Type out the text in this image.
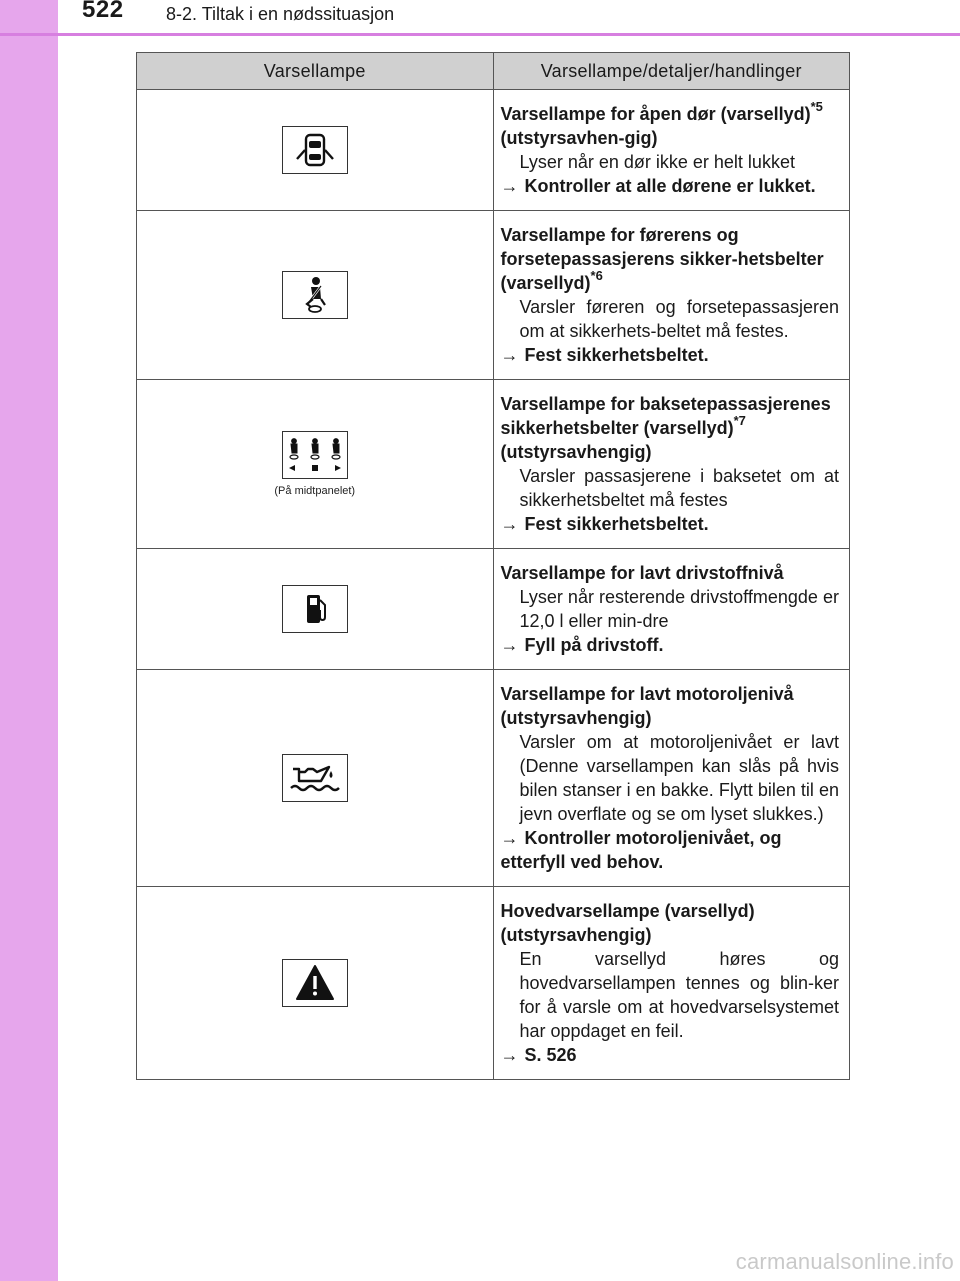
522 8-2. Tiltak i en nødssituasjon
Varsellampe	Varsellampe/detaljer/handlinger

Varsellampe for åpen dør (varsellyd)$^{*5}$ (utstyrsavhen-gig)
Lyser når en dør ikke er helt lukket
→ Kontroller at alle dørene er lukket.

Varsellampe for førerens og forsetepassasjerens sikker-hetsbelter (varsellyd)$^{*6}$
Varsler føreren og forsetepassasjeren om at sikkerhets-beltet må festes.
→ Fest sikkerhetsbeltet.

(På midtpanelet)	Varsellampe for baksetepassasjerenes sikkerhetsbelter (varsellyd)$^{*7}$ (utstyrsavhengig)
Varsler passasjerene i baksetet om at sikkerhetsbeltet må festes
→ Fest sikkerhetsbeltet.

Varsellampe for lavt drivstoffnivå
Lyser når resterende drivstoffmengde er 12,0 l eller min-dre
→ Fyll på drivstoff.

Varsellampe for lavt motoroljenivå (utstyrsavhengig)
Varsler om at motoroljenivået er lavt (Denne varsellampen kan slås på hvis bilen stanser i en bakke. Flytt bilen til en jevn overflate og se om lyset slukkes.)
→ Kontroller motoroljenivået, og etterfyll ved behov.

Hovedvarsellampe (varsellyd) (utstyrsavhengig)
En varsellyd høres og hovedvarsellampen tennes og blin-ker for å varsle om at hovedvarselsystemet har oppdaget en feil.
→ S. 526

carmanualsonline.info
